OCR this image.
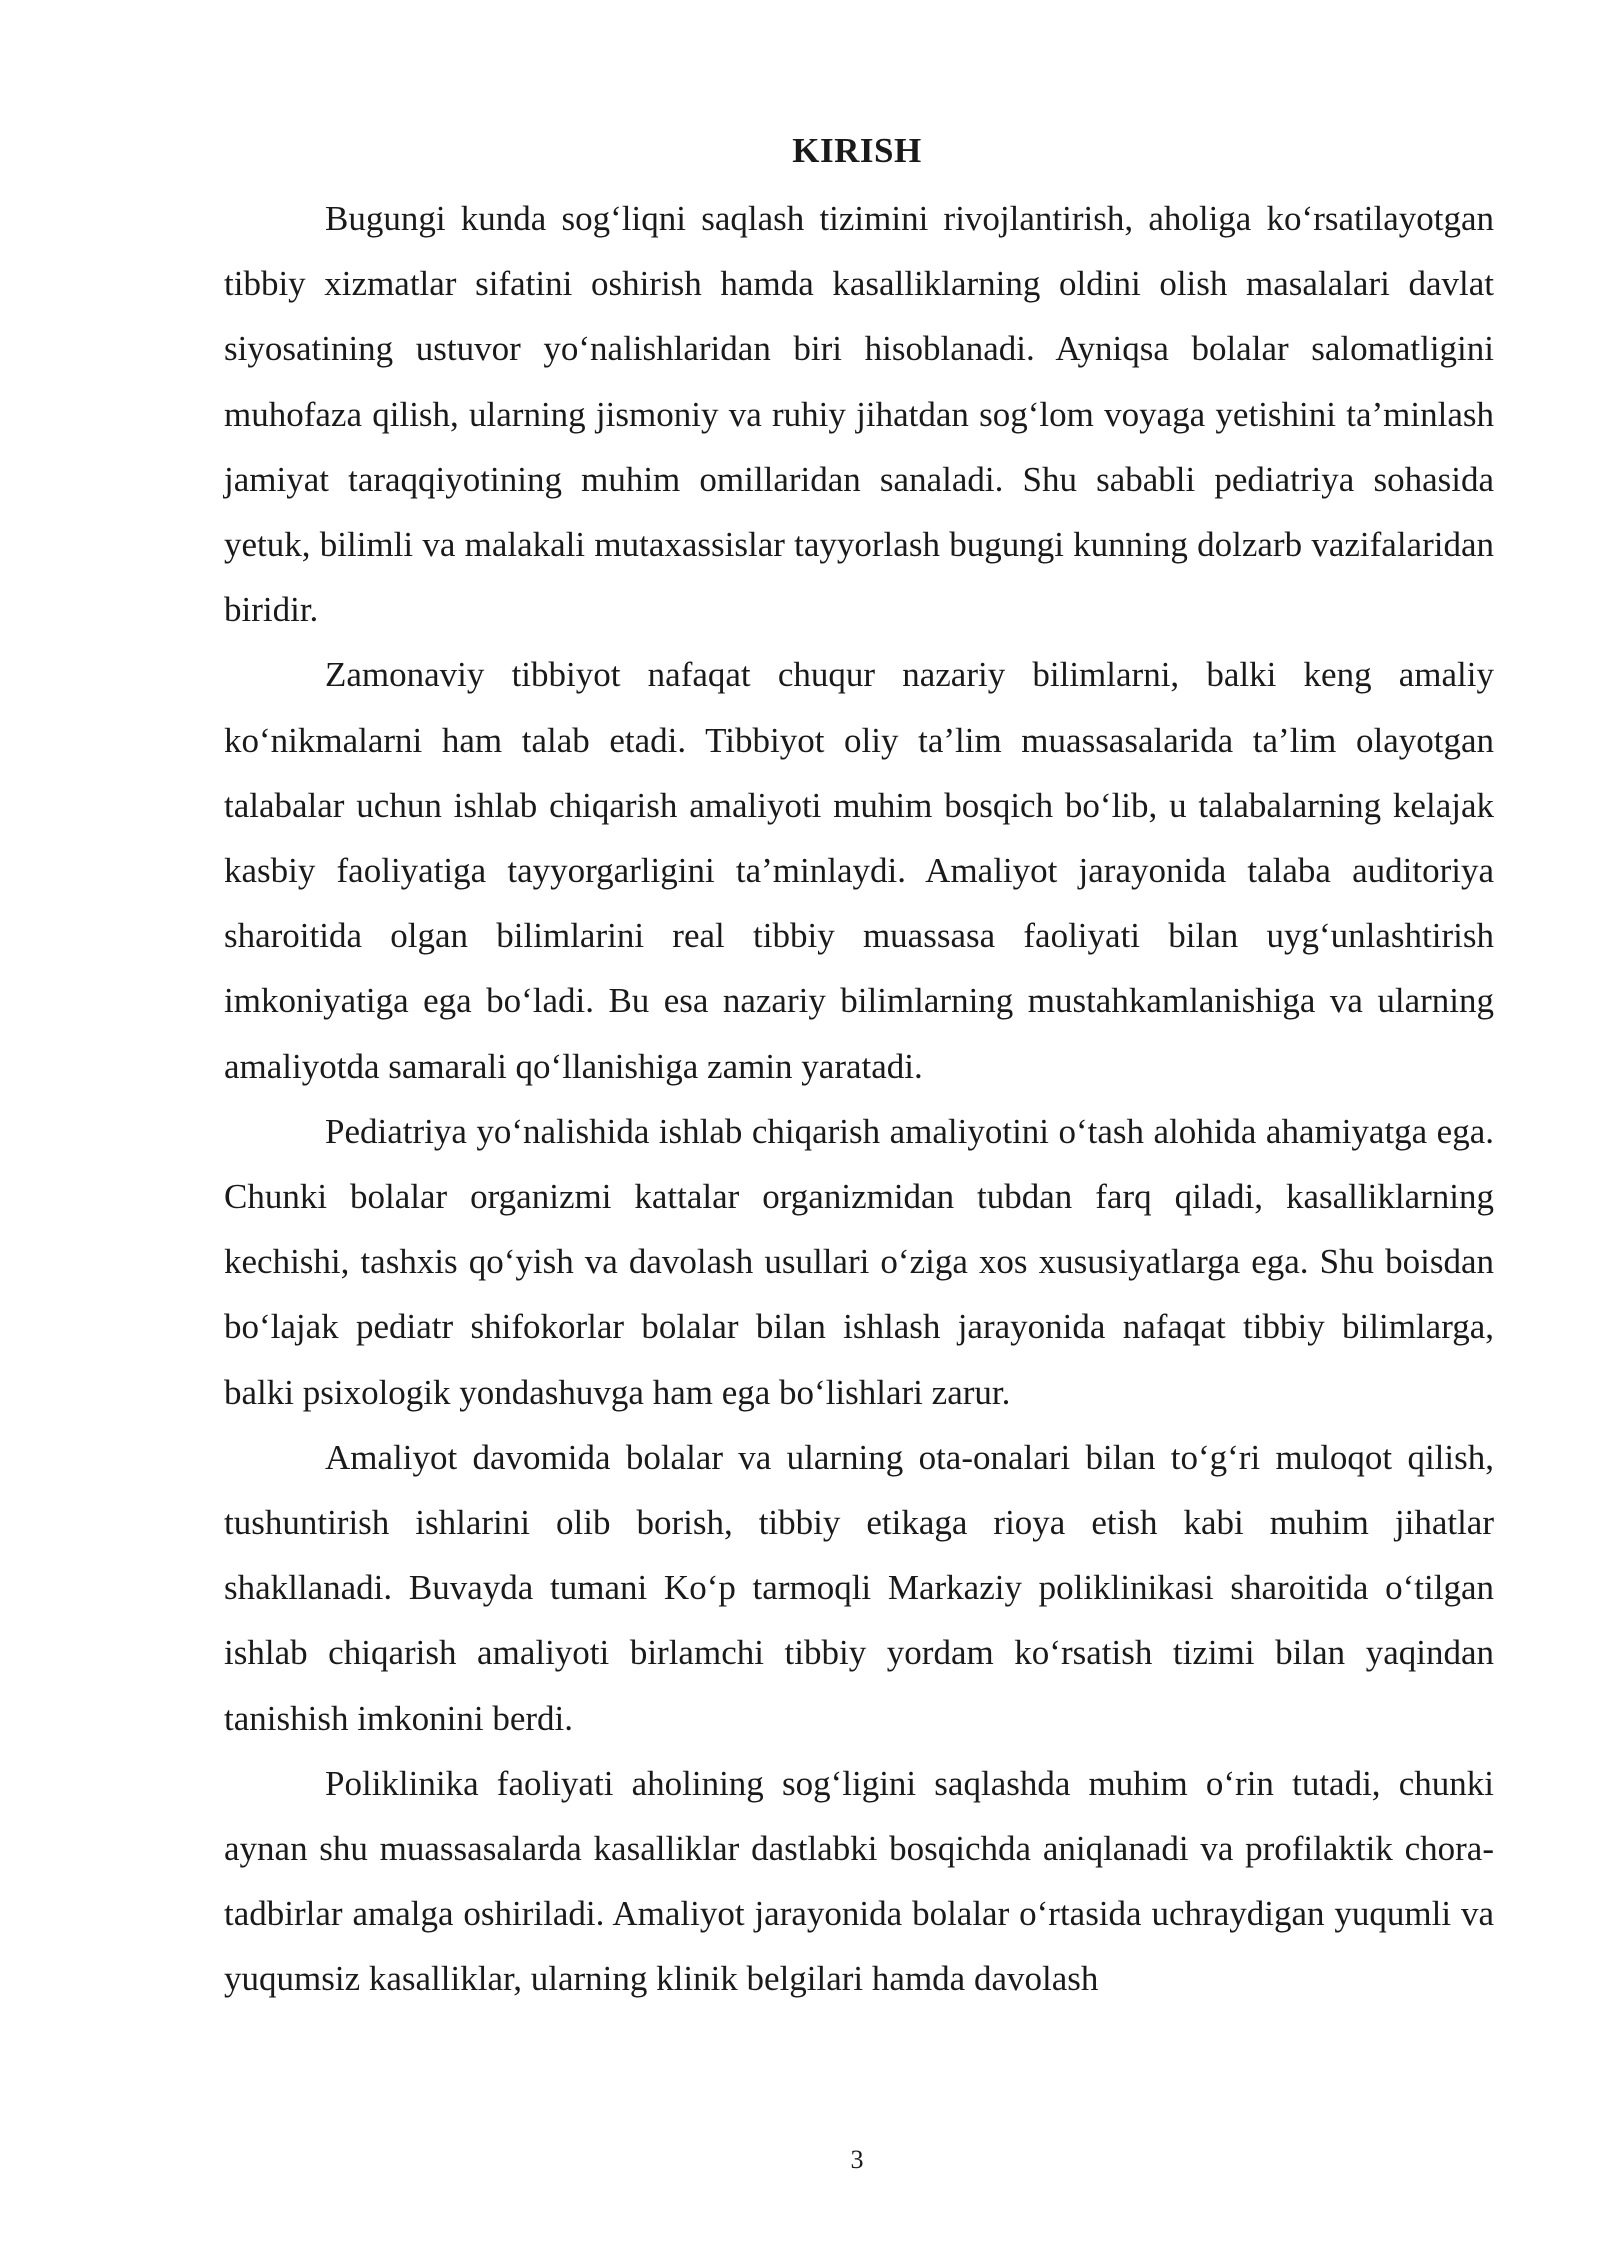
KIRISH

Bugungi kunda sog‘liqni saqlash tizimini rivojlantirish, aholiga ko‘rsatilayotgan tibbiy xizmatlar sifatini oshirish hamda kasalliklarning oldini olish masalalari davlat siyosatining ustuvor yo‘nalishlaridan biri hisoblanadi. Ayniqsa bolalar salomatligini muhofaza qilish, ularning jismoniy va ruhiy jihatdan sog‘lom voyaga yetishini ta’minlash jamiyat taraqqiyotining muhim omillaridan sanaladi. Shu sababli pediatriya sohasida yetuk, bilimli va malakali mutaxassislar tayyorlash bugungi kunning dolzarb vazifalaridan biridir.

Zamonaviy tibbiyot nafaqat chuqur nazariy bilimlarni, balki keng amaliy ko‘nikmalarni ham talab etadi. Tibbiyot oliy ta’lim muassasalarida ta’lim olayotgan talabalar uchun ishlab chiqarish amaliyoti muhim bosqich bo‘lib, u talabalarning kelajak kasbiy faoliyatiga tayyorgarligini ta’minlaydi. Amaliyot jarayonida talaba auditoriya sharoitida olgan bilimlarini real tibbiy muassasa faoliyati bilan uyg‘unlashtirish imkoniyatiga ega bo‘ladi. Bu esa nazariy bilimlarning mustahkamlanishiga va ularning amaliyotda samarali qo‘llanishiga zamin yaratadi.

Pediatriya yo‘nalishida ishlab chiqarish amaliyotini o‘tash alohida ahamiyatga ega. Chunki bolalar organizmi kattalar organizmidan tubdan farq qiladi, kasalliklarning kechishi, tashxis qo‘yish va davolash usullari o‘ziga xos xususiyatlarga ega. Shu boisdan bo‘lajak pediatr shifokorlar bolalar bilan ishlash jarayonida nafaqat tibbiy bilimlarga, balki psixologik yondashuvga ham ega bo‘lishlari zarur.

Amaliyot davomida bolalar va ularning ota-onalari bilan to‘g‘ri muloqot qilish, tushuntirish ishlarini olib borish, tibbiy etikaga rioya etish kabi muhim jihatlar shakllanadi. Buvayda tumani Ko‘p tarmoqli Markaziy poliklinikasi sharoitida o‘tilgan ishlab chiqarish amaliyoti birlamchi tibbiy yordam ko‘rsatish tizimi bilan yaqindan tanishish imkonini berdi.

Poliklinika faoliyati aholining sog‘ligini saqlashda muhim o‘rin tutadi, chunki aynan shu muassasalarda kasalliklar dastlabki bosqichda aniqlanadi va profilaktik chora-tadbirlar amalga oshiriladi. Amaliyot jarayonida bolalar o‘rtasida uchraydigan yuqumli va yuqumsiz kasalliklar, ularning klinik belgilari hamda davolash

3
